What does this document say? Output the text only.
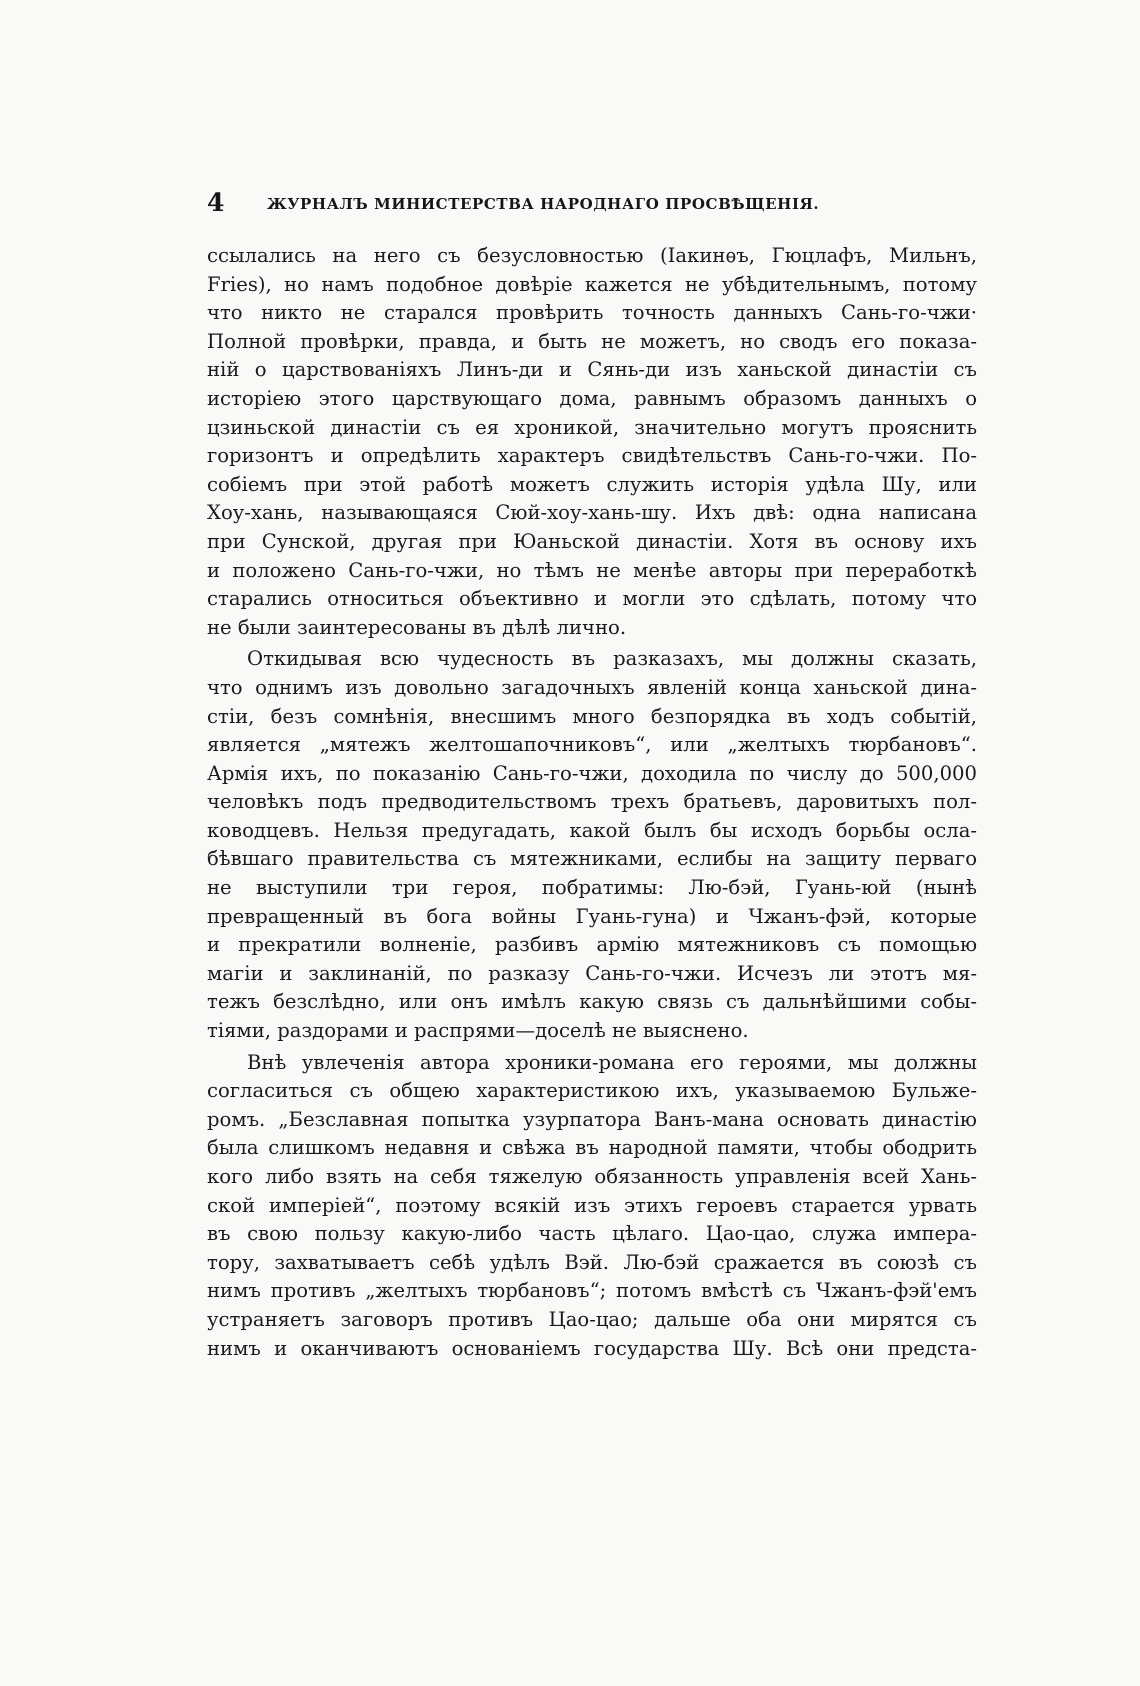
4	ЖУРНАЛЪ МИНИСТЕРСТВА НАРОДНАГО ПРОСВѢЩЕНІЯ.
ссылались на него съ безусловностью (Іакинѳъ, Гюцлафъ, Мильнъ,
Fries), но намъ подобное довѣріе кажется не убѣдительнымъ, потому
что никто не старался провѣрить точность данныхъ Сань-го-чжи·
Полной провѣрки, правда, и быть не можетъ, но сводъ его показа-
ній о царствованіяхъ Линъ-ди и Сянь-ди изъ ханьской династіи съ
исторіею этого царствующаго дома, равнымъ образомъ данныхъ о
цзиньской династіи съ ея хроникой, значительно могутъ прояснить
горизонтъ и опредѣлить характеръ свидѣтельствъ Сань-го-чжи. По-
собіемъ при этой работѣ можетъ служить исторія удѣла Шу, или
Хоу-хань, называющаяся Сюй-хоу-хань-шу. Ихъ двѣ: одна написана
при Сунской, другая при Юаньской династіи. Хотя въ основу ихъ
и положено Сань-го-чжи, но тѣмъ не менѣе авторы при переработкѣ
старались относиться объективно и могли это сдѣлать, потому что
не были заинтересованы въ дѣлѣ лично.
Откидывая всю чудесность въ разказахъ, мы должны сказать,
что однимъ изъ довольно загадочныхъ явленій конца ханьской дина-
стіи, безъ сомнѣнія, внесшимъ много безпорядка въ ходъ событій,
является „мятежъ желтошапочниковъ“, или „желтыхъ тюрбановъ“.
Армія ихъ, по показанію Сань-го-чжи, доходила по числу до 500,000
человѣкъ подъ предводительствомъ трехъ братьевъ, даровитыхъ пол-
ководцевъ. Нельзя предугадать, какой былъ бы исходъ борьбы осла-
бѣвшаго правительства съ мятежниками, еслибы на защиту перваго
не выступили три героя, побратимы: Лю-бэй, Гуань-юй (нынѣ
превращенный въ бога войны Гуань-гуна) и Чжанъ-фэй, которые
и прекратили волненіе, разбивъ армію мятежниковъ съ помощью
магіи и заклинаній, по разказу Сань-го-чжи. Исчезъ ли этотъ мя-
тежъ безслѣдно, или онъ имѣлъ какую связь съ дальнѣйшими собы-
тіями, раздорами и распрями—доселѣ не выяснено.
Внѣ увлеченія автора хроники-романа его героями, мы должны
согласиться съ общею характеристикою ихъ, указываемою Бульже-
ромъ. „Безславная попытка узурпатора Ванъ-мана основать династію
была слишкомъ недавня и свѣжа въ народной памяти, чтобы ободрить
кого либо взять на себя тяжелую обязанность управленія всей Хань-
ской имперіей“, поэтому всякій изъ этихъ героевъ старается урвать
въ свою пользу какую-либо часть цѣлаго. Цао-цао, служа импера-
тору, захватываетъ себѣ удѣлъ Вэй. Лю-бэй сражается въ союзѣ съ
нимъ противъ „желтыхъ тюрбановъ“; потомъ вмѣстѣ съ Чжанъ-фэй'емъ
устраняетъ заговоръ противъ Цао-цао; дальше оба они мирятся съ
нимъ и оканчиваютъ основаніемъ государства Шу. Всѣ они предста-
